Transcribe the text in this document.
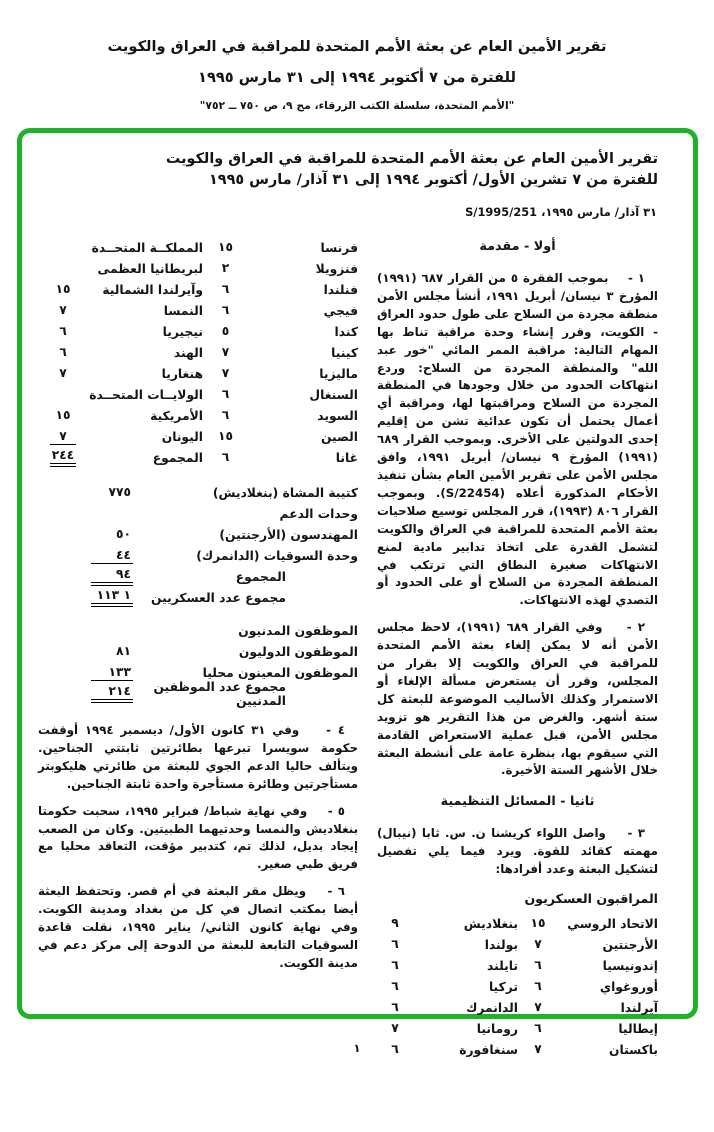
تقرير الأمين العام عن بعثة الأمم المتحدة للمراقبة في العراق والكويت
للفترة من ٧ أكتوبر ١٩٩٤ إلى ٣١ مارس ١٩٩٥
"الأمم المتحدة، سلسلة الكتب الزرقاء، مج ٩، ص ٧٥٠ ــ ٧٥٢"
تقرير الأمين العام عن بعثة الأمم المتحدة للمراقبة في العراق والكويت
للفترة من ٧ تشرين الأول/ أكتوبر ١٩٩٤ إلى ٣١ آذار/ مارس ١٩٩٥
٣١ آذار/ مارس ١٩٩٥، S/1995/251
أولا - مقدمة

١ -    بموجب الفقرة ٥ من القرار ٦٨٧ (١٩٩١) المؤرخ ٣ نيسان/ أبريل ١٩٩١، أنشأ مجلس الأمن منطقة مجردة من السلاح على طول حدود العراق - الكويت، وقرر إنشاء وحدة مراقبة تناط بها المهام التالية: مراقبة الممر المائي "خور عبد الله" والمنطقة المجردة من السلاح: وردع انتهاكات الحدود من خلال وجودها في المنطقة المجردة من السلاح ومراقبتها لها، ومراقبة أي أعمال يحتمل أن تكون عدائية تشن من إقليم إحدى الدولتين على الأخرى. وبموجب القرار ٦٨٩ (١٩٩١) المؤرخ ٩ نيسان/ أبريل ١٩٩١، وافق مجلس الأمن على تقرير الأمين العام بشأن تنفيذ الأحكام المذكورة أعلاه (S/22454). وبموجب القرار ٨٠٦ (١٩٩٣)، قرر المجلس توسيع صلاحيات بعثة الأمم المتحدة للمراقبة في العراق والكويت لتشمل القدرة على اتخاذ تدابير مادية لمنع الانتهاكات صغيرة النطاق التي ترتكب في المنطقة المجردة من السلاح أو على الحدود أو التصدي لهذه الانتهاكات.

٢ -    وفي القرار ٦٨٩ (١٩٩١)، لاحظ مجلس الأمن أنه لا يمكن إلغاء بعثة الأمم المتحدة للمراقبة في العراق والكويت إلا بقرار من المجلس، وقرر أن يستعرض مسألة الإلغاء أو الاستمرار وكذلك الأساليب الموضوعة للبعثة كل ستة أشهر. والغرض من هذا التقرير هو تزويد مجلس الأمن، قبل عملية الاستعراض القادمة التي سيقوم بها، بنظرة عامة على أنشطة البعثة خلال الأشهر الستة الأخيرة.

ثانيا - المسائل التنظيمية

٣ -    واصل اللواء كريشنا ن. س. ثابا (نيبال) مهمته كقائد للقوة. ويرد فيما يلي تفصيل لتشكيل البعثة وعدد أفرادها:

المراقبون العسكريون
الاتحاد الروسي
١٥
بنغلاديش
٩
الأرجنتين
٧
بولندا
٦
إندونيسيا
٦
تايلند
٦
أوروغواي
٦
تركيا
٦
آيرلندا
٧
الدانمرك
٦
إيطاليا
٦
رومانيا
٧
باكستان
٧
سنغافورة
٦
فرنسا
١٥
المملكــة المتحــدة
فنزويلا
٢
لبريطانيا العظمى
فنلندا
٦
وآيرلندا الشمالية
١٥
فيجي
٦
النمسا
٧
كندا
٥
نيجيريا
٦
كينيا
٧
الهند
٦
ماليزيا
٧
هنغاريا
٧
السنغال
٦
الولايــات المتحــدة
السويد
٦
الأمريكية
١٥
الصين
١٥
اليونان
٧
غانا
٦
المجموع
٢٤٤
كتيبة المشاة (بنغلاديش)
٧٧٥
وحدات الدعم
المهندسون (الأرجنتين)
٥٠
وحدة السوقيات (الدانمرك)
٤٤
المجموع
٩٤
مجموع عدد العسكريين
١ ١١٣
الموظفون المدنيون
الموظفون الدوليون
٨١
الموظفون المعينون محليا
١٣٣
مجموع عدد الموظفين المدنيين
٢١٤

٤ -    وفي ٣١ كانون الأول/ ديسمبر ١٩٩٤ أوقفت حكومة سويسرا تبرعها بطائرتين ثابتتي الجناحين. ويتألف حاليا الدعم الجوي للبعثة من طائرتي هليكوبتر مستأجرتين وطائرة مستأجرة واحدة ثابتة الجناحين.

٥ -    وفي نهاية شباط/ فبراير ١٩٩٥، سحبت حكومتا بنغلاديش والنمسا وحدتيهما الطبيتين. وكان من الصعب إيجاد بديل، لذلك تم، كتدبير مؤقت، التعاقد محليا مع فريق طبي صغير.

٦ -    ويظل مقر البعثة في أم قصر. وتحتفظ البعثة أيضا بمكتب اتصال في كل من بغداد ومدينة الكويت. وفي نهاية كانون الثاني/ يناير ١٩٩٥، نقلت قاعدة السوقيات التابعة للبعثة من الدوحة إلى مركز دعم في مدينة الكويت.

١
